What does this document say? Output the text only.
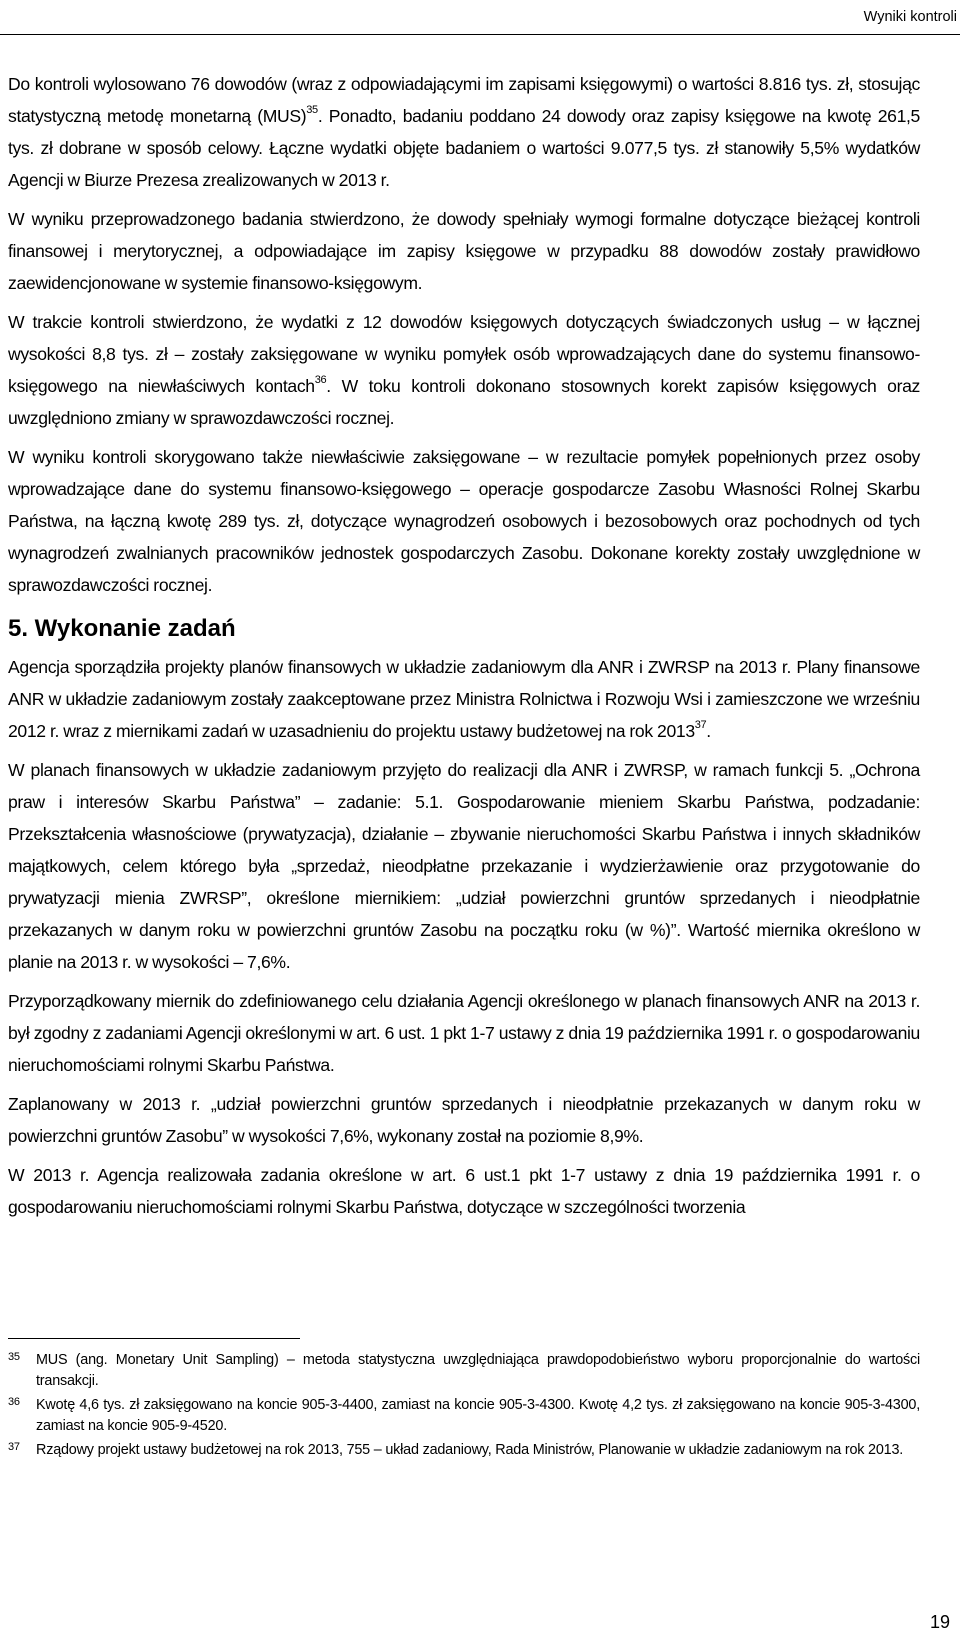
Wyniki kontroli

Do kontroli wylosowano 76 dowodów (wraz z odpowiadającymi im zapisami księgowymi) o wartości 8.816 tys. zł, stosując statystyczną metodę monetarną (MUS)$^{35}$. Ponadto, badaniu poddano 24 dowody oraz zapisy księgowe na kwotę 261,5 tys. zł dobrane w sposób celowy. Łączne wydatki objęte badaniem o wartości 9.077,5 tys. zł stanowiły 5,5% wydatków Agencji w Biurze Prezesa zrealizowanych w 2013 r.

W wyniku przeprowadzonego badania stwierdzono, że dowody spełniały wymogi formalne dotyczące bieżącej kontroli finansowej i merytorycznej, a odpowiadające im zapisy księgowe w przypadku 88 dowodów zostały prawidłowo zaewidencjonowane w systemie finansowo-księgowym.

W trakcie kontroli stwierdzono, że wydatki z 12 dowodów księgowych dotyczących świadczonych usług – w łącznej wysokości 8,8 tys. zł – zostały zaksięgowane w wyniku pomyłek osób wprowadzających dane do systemu finansowo-księgowego na niewłaściwych kontach$^{36}$. W toku kontroli dokonano stosownych korekt zapisów księgowych oraz uwzględniono zmiany w sprawozdawczości rocznej.

W wyniku kontroli skorygowano także niewłaściwie zaksięgowane – w rezultacie pomyłek popełnionych przez osoby wprowadzające dane do systemu finansowo-księgowego – operacje gospodarcze Zasobu Własności Rolnej Skarbu Państwa, na łączną kwotę 289 tys. zł, dotyczące wynagrodzeń osobowych i bezosobowych oraz pochodnych od tych wynagrodzeń zwalnianych pracowników jednostek gospodarczych Zasobu. Dokonane korekty zostały uwzględnione w sprawozdawczości rocznej.

5. Wykonanie zadań

Agencja sporządziła projekty planów finansowych w układzie zadaniowym dla ANR i ZWRSP na 2013 r. Plany finansowe ANR w układzie zadaniowym zostały zaakceptowane przez Ministra Rolnictwa i Rozwoju Wsi i zamieszczone we wrześniu 2012 r. wraz z miernikami zadań w uzasadnieniu do projektu ustawy budżetowej na rok 2013$^{37}$.

W planach finansowych w układzie zadaniowym przyjęto do realizacji dla ANR i ZWRSP, w ramach funkcji 5. „Ochrona praw i interesów Skarbu Państwa” – zadanie: 5.1. Gospodarowanie mieniem Skarbu Państwa, podzadanie: Przekształcenia własnościowe (prywatyzacja), działanie – zbywanie nieruchomości Skarbu Państwa i innych składników majątkowych, celem którego była „sprzedaż, nieodpłatne przekazanie i wydzierżawienie oraz przygotowanie do prywatyzacji mienia ZWRSP”, określone miernikiem: „udział powierzchni gruntów sprzedanych i nieodpłatnie przekazanych w danym roku w powierzchni gruntów Zasobu na początku roku (w %)”. Wartość miernika określono w planie na 2013 r. w wysokości – 7,6%.

Przyporządkowany miernik do zdefiniowanego celu działania Agencji określonego w planach finansowych ANR na 2013 r. był zgodny z zadaniami Agencji określonymi w art. 6 ust. 1 pkt 1-7 ustawy z dnia 19 października 1991 r. o gospodarowaniu nieruchomościami rolnymi Skarbu Państwa.

Zaplanowany w 2013 r. „udział powierzchni gruntów sprzedanych i nieodpłatnie przekazanych w danym roku w powierzchni gruntów Zasobu” w wysokości 7,6%, wykonany został na poziomie 8,9%.

W 2013 r. Agencja realizowała zadania określone w art. 6 ust.1 pkt 1-7 ustawy z dnia 19 października 1991 r. o gospodarowaniu nieruchomościami rolnymi Skarbu Państwa, dotyczące w szczególności tworzenia

35	MUS (ang. Monetary Unit Sampling) – metoda statystyczna uwzględniająca prawdopodobieństwo wyboru proporcjonalnie do wartości transakcji.
36	Kwotę 4,6 tys. zł zaksięgowano na koncie 905-3-4400, zamiast na koncie 905-3-4300. Kwotę 4,2 tys. zł zaksięgowano na koncie 905-3-4300, zamiast na koncie 905-9-4520.
37	Rządowy projekt ustawy budżetowej na rok 2013, 755 – układ zadaniowy, Rada Ministrów, Planowanie w układzie zadaniowym na rok 2013.
19
